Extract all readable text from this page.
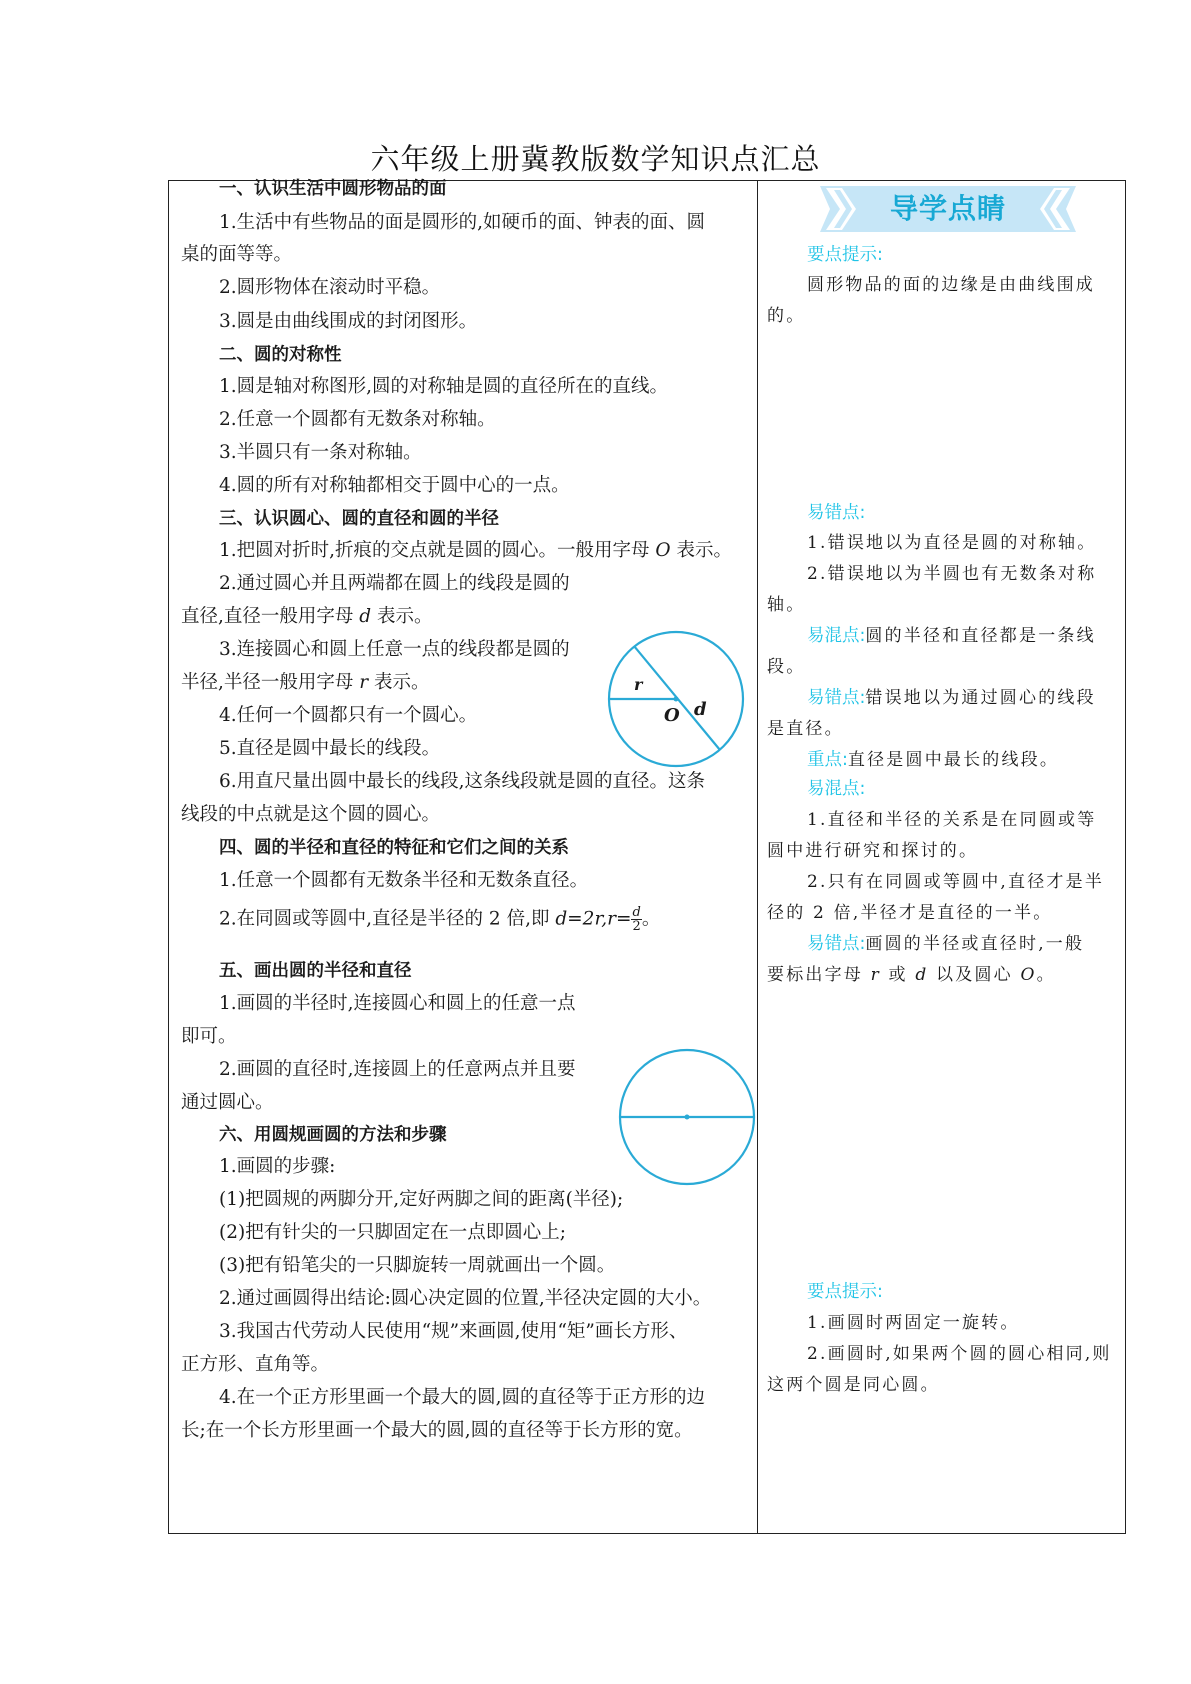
六年级上册冀教版数学知识点汇总
导学点睛
一、认识生活中圆形物品的面
1.生活中有些物品的面是圆形的,如硬币的面、钟表的面、圆
桌的面等等。
2.圆形物体在滚动时平稳。
3.圆是由曲线围成的封闭图形。
二、圆的对称性
1.圆是轴对称图形,圆的对称轴是圆的直径所在的直线。
2.任意一个圆都有无数条对称轴。
3.半圆只有一条对称轴。
4.圆的所有对称轴都相交于圆中心的一点。
三、认识圆心、圆的直径和圆的半径
1.把圆对折时,折痕的交点就是圆的圆心。一般用字母 O 表示。
2.通过圆心并且两端都在圆上的线段是圆的
直径,直径一般用字母 d 表示。
3.连接圆心和圆上任意一点的线段都是圆的
半径,半径一般用字母 r 表示。
4.任何一个圆都只有一个圆心。
5.直径是圆中最长的线段。
6.用直尺量出圆中最长的线段,这条线段就是圆的直径。这条
线段的中点就是这个圆的圆心。
四、圆的半径和直径的特征和它们之间的关系
1.任意一个圆都有无数条半径和无数条直径。
2.在同圆或等圆中,直径是半径的 2 倍,即 $d=2r,r= \frac{d}{2}$ 。
五、画出圆的半径和直径
1.画圆的半径时,连接圆心和圆上的任意一点
即可。
2.画圆的直径时,连接圆上的任意两点并且要
通过圆心。
六、用圆规画圆的方法和步骤
1.画圆的步骤:
(1)把圆规的两脚分开,定好两脚之间的距离(半径);
(2)把有针尖的一只脚固定在一点即圆心上;
(3)把有铅笔尖的一只脚旋转一周就画出一个圆。
2.通过画圆得出结论:圆心决定圆的位置,半径决定圆的大小。
3.我国古代劳动人民使用“规”来画圆,使用“矩”画长方形、
正方形、直角等。
4.在一个正方形里画一个最大的圆,圆的直径等于正方形的边
长;在一个长方形里画一个最大的圆,圆的直径等于长方形的宽。
r
O d
要点提示:
圆形物品的面的边缘是由曲线围成
的。
易错点:
1.错误地以为直径是圆的对称轴。
2.错误地以为半圆也有无数条对称
轴。
易混点:圆的半径和直径都是一条线
段。
易错点:错误地以为通过圆心的线段
是直径。
重点:直径是圆中最长的线段。
易混点:
1.直径和半径的关系是在同圆或等
圆中进行研究和探讨的。
2.只有在同圆或等圆中,直径才是半
径的 2 倍,半径才是直径的一半。
易错点:画圆的半径或直径时,一般
要标出字母 r 或 d 以及圆心 O。
要点提示:
1.画圆时两固定一旋转。
2.画圆时,如果两个圆的圆心相同,则
这两个圆是同心圆。
